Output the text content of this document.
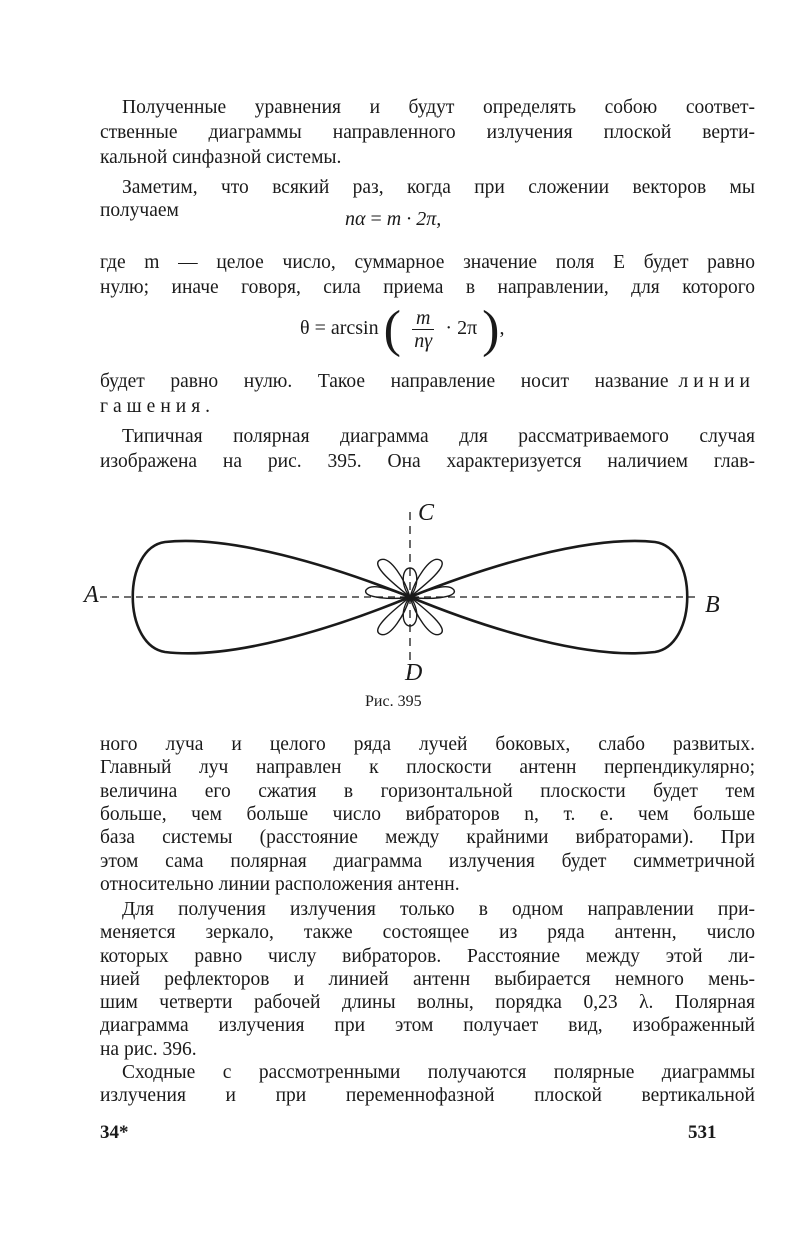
Полученные уравнения и будут определять собою соответ-
ственные диаграммы направленного излучения плоской верти-
кальной синфазной системы.
Заметим, что всякий раз, когда при сложении векторов мы
получаем	nα = m · 2π,
где m — целое число, суммарное значение поля E будет равно
нулю; иначе говоря, сила приема в направлении, для которого
θ = arcsin ( $\frac{m}{n\gamma} \cdot 2\pi$ ),
будет равно нулю. Такое направление носит название линии
гашения.
Типичная полярная диаграмма для рассматриваемого случая
изображена на рис. 395. Она характеризуется наличием глав-
A	B
C
D
Рис. 395
ного луча и целого ряда лучей боковых, слабо развитых.
Главный луч направлен к плоскости антенн перпендикулярно;
величина его сжатия в горизонтальной плоскости будет тем
больше, чем больше число вибраторов n, т. е. чем больше
база системы (расстояние между крайними вибраторами). При
этом сама полярная диаграмма излучения будет симметричной
относительно линии расположения антенн.
Для получения излучения только в одном направлении при-
меняется зеркало, также состоящее из ряда антенн, число
которых равно числу вибраторов. Расстояние между этой ли-
нией рефлекторов и линией антенн выбирается немного мень-
шим четверти рабочей длины волны, порядка 0,23 λ. Полярная
диаграмма излучения при этом получает вид, изображенный
на рис. 396.
Сходные с рассмотренными получаются полярные диаграммы
излучения и при переменнофазной плоской вертикальной
34*	531
